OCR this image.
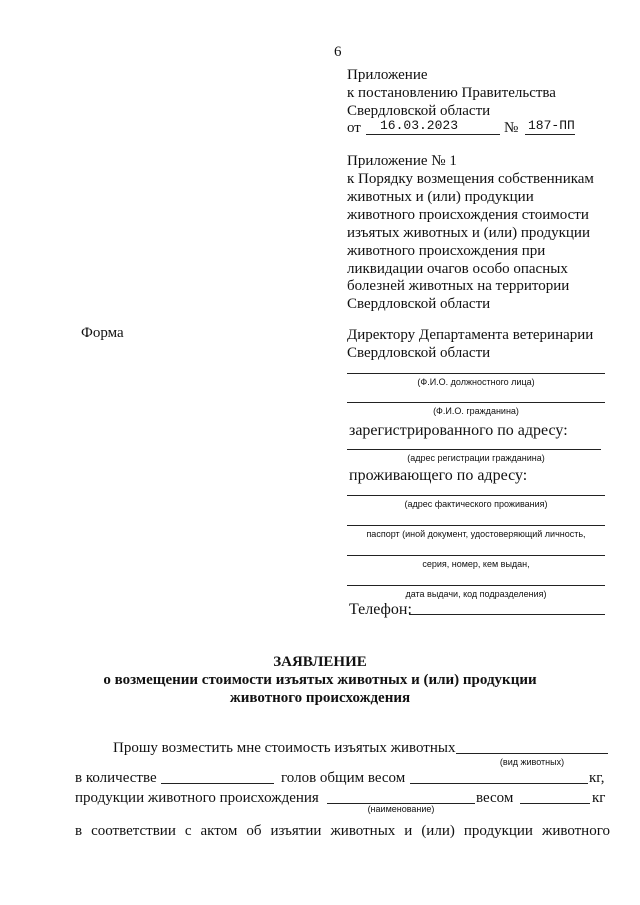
6
Приложение
к постановлению Правительства
Свердловской области
от 16.03.2023	№ 187-ПП
Приложение № 1
к Порядку возмещения собственникам
животных и (или) продукции
животного происхождения стоимости
изъятых животных и (или) продукции
животного происхождения при
ликвидации очагов особо опасных
болезней животных на территории
Свердловской области
Форма	Директору Департамента ветеринарии
Свердловской области
(Ф.И.О. должностного лица)
(Ф.И.О. гражданина)
зарегистрированного по адресу:
(адрес регистрации гражданина)
проживающего по адресу:
(адрес фактического проживания)
паспорт (иной документ, удостоверяющий личность,
серия, номер, кем выдан,
дата выдачи, код подразделения)
Телефон:
ЗАЯВЛЕНИЕ
о возмещении стоимости изъятых животных и (или) продукции
животного происхождения
Прошу возместить мне стоимость изъятых животных
(вид животных)
в количестве	голов общим весом	кг,
продукции животного происхождения	весом	кг
(наименование)
в соответствии с актом об изъятии животных и (или) продукции животного
